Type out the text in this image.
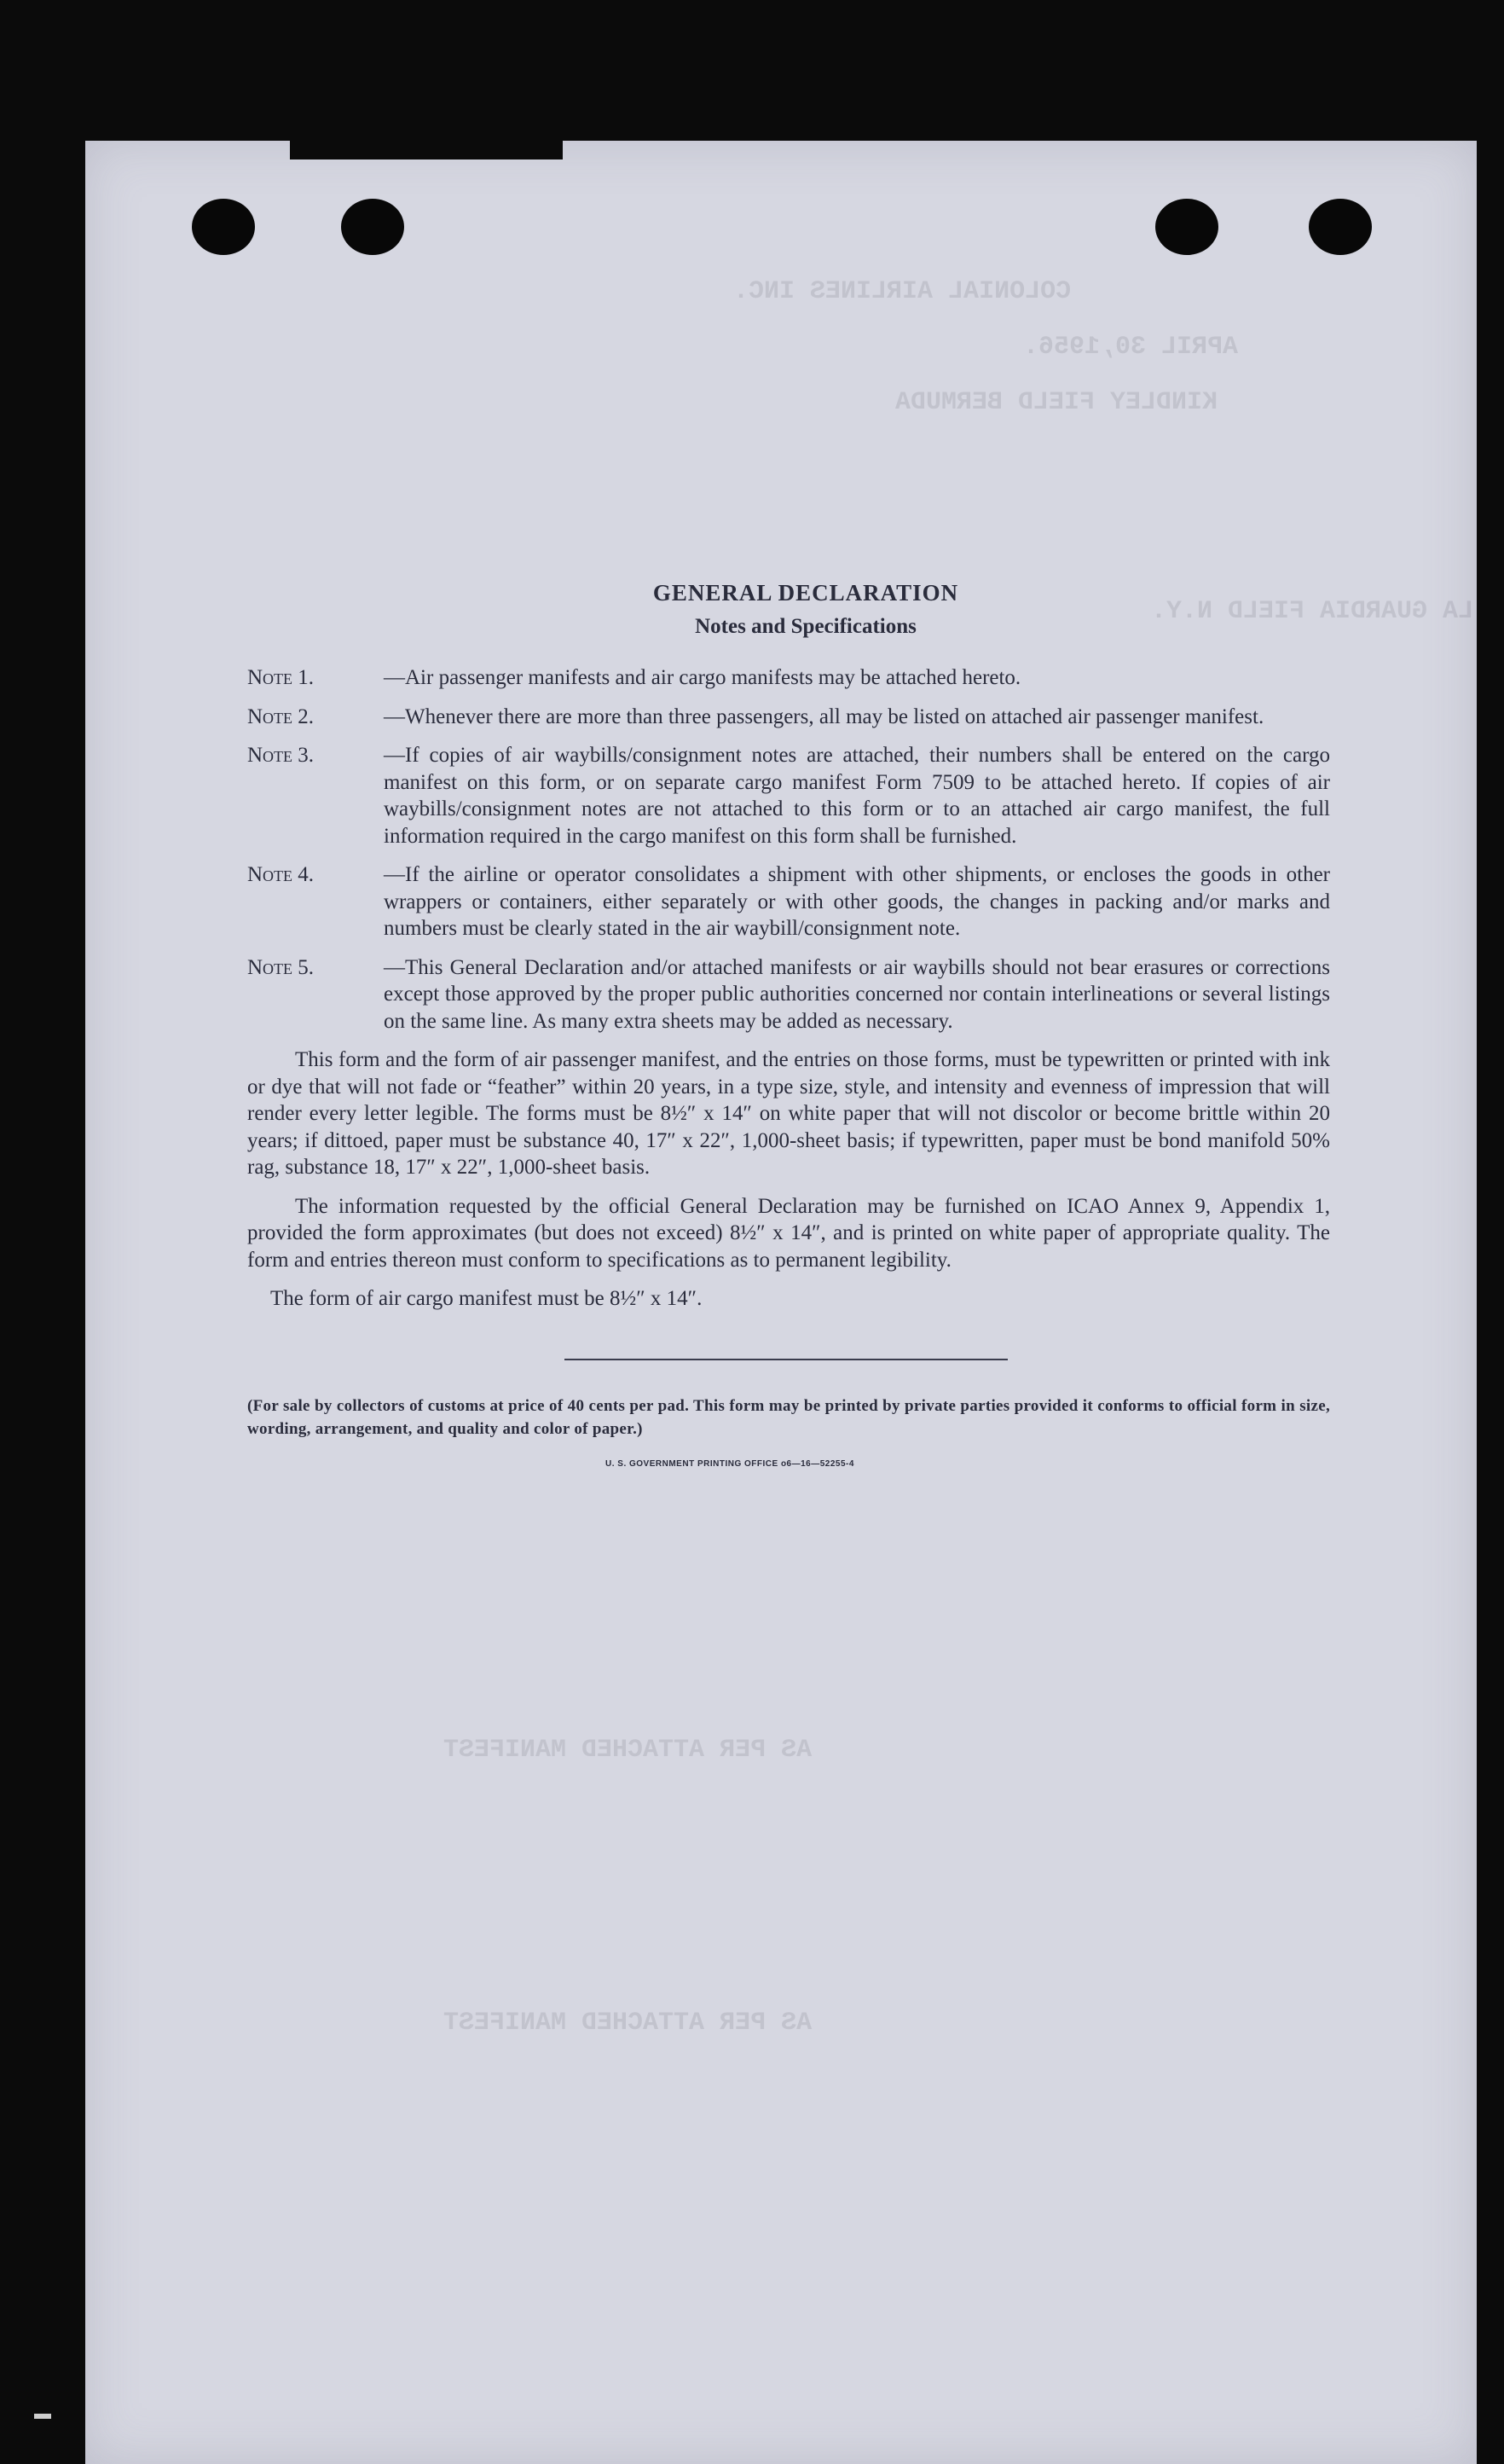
COLONIAL AIRLINES INC.
APRIL 30,1956.
KINDLEY FIELD BERMUDA
LA GUARDIA FIELD N.Y.
AS PER ATTACHED MANIFEST
AS PER ATTACHED MANIFEST
GENERAL DECLARATION
Notes and Specifications
Note 1.	—Air passenger manifests and air cargo manifests may be attached hereto.
Note 2.	—Whenever there are more than three passengers, all may be listed on attached air passenger manifest.
Note 3.	—If copies of air waybills/consignment notes are attached, their numbers shall be entered on the cargo manifest on this form, or on separate cargo manifest Form 7509 to be attached hereto. If copies of air waybills/consignment notes are not attached to this form or to an attached air cargo manifest, the full information required in the cargo manifest on this form shall be furnished.
Note 4.	—If the airline or operator consolidates a shipment with other shipments, or encloses the goods in other wrappers or containers, either separately or with other goods, the changes in packing and/or marks and numbers must be clearly stated in the air waybill/consignment note.
Note 5.	—This General Declaration and/or attached manifests or air waybills should not bear erasures or corrections except those approved by the proper public authorities concerned nor contain interlineations or several listings on the same line. As many extra sheets may be added as necessary.

This form and the form of air passenger manifest, and the entries on those forms, must be typewritten or printed with ink or dye that will not fade or “feather” within 20 years, in a type size, style, and intensity and evenness of impression that will render every letter legible. The forms must be 8½″ x 14″ on white paper that will not discolor or become brittle within 20 years; if dittoed, paper must be substance 40, 17″ x 22″, 1,000-sheet basis; if typewritten, paper must be bond manifold 50% rag, substance 18, 17″ x 22″, 1,000-sheet basis.

The information requested by the official General Declaration may be furnished on ICAO Annex 9, Appendix 1, provided the form approximates (but does not exceed) 8½″ x 14″, and is printed on white paper of appropriate quality. The form and entries thereon must conform to specifications as to permanent legibility.

The form of air cargo manifest must be 8½″ x 14″.

(For sale by collectors of customs at price of 40 cents per pad. This form may be printed by private parties provided it conforms to official form in size, wording, arrangement, and quality and color of paper.)
U. S. GOVERNMENT PRINTING OFFICE o6—16—52255-4
